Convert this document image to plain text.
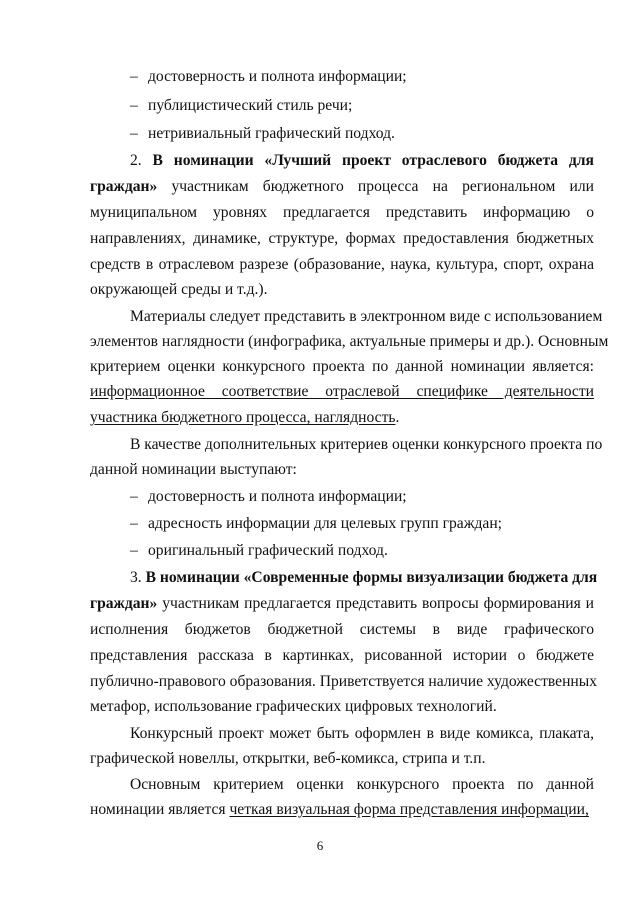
– достоверность и полнота информации;
– публицистический стиль речи;
– нетривиальный графический подход.
2. В номинации «Лучший проект отраслевого бюджета для
граждан» участникам бюджетного процесса на региональном или
муниципальном уровнях предлагается представить информацию о
направлениях, динамике, структуре, формах предоставления бюджетных
средств в отраслевом разрезе (образование, наука, культура, спорт, охрана
окружающей среды и т.д.).
Материалы следует представить в электронном виде с использованием
элементов наглядности (инфографика, актуальные примеры и др.). Основным
критерием оценки конкурсного проекта по данной номинации является:
информационное соответствие отраслевой специфике деятельности
участника бюджетного процесса, наглядность.
В качестве дополнительных критериев оценки конкурсного проекта по
данной номинации выступают:
– достоверность и полнота информации;
– адресность информации для целевых групп граждан;
– оригинальный графический подход.
3. В номинации «Современные формы визуализации бюджета для
граждан» участникам предлагается представить вопросы формирования и
исполнения бюджетов бюджетной системы в виде графического
представления рассказа в картинках, рисованной истории о бюджете
публично-правового образования. Приветствуется наличие художественных
метафор, использование графических цифровых технологий.
Конкурсный проект может быть оформлен в виде комикса, плаката,
графической новеллы, открытки, веб-комикса, стрипа и т.п.
Основным критерием оценки конкурсного проекта по данной
номинации является четкая визуальная форма представления информации,
6
